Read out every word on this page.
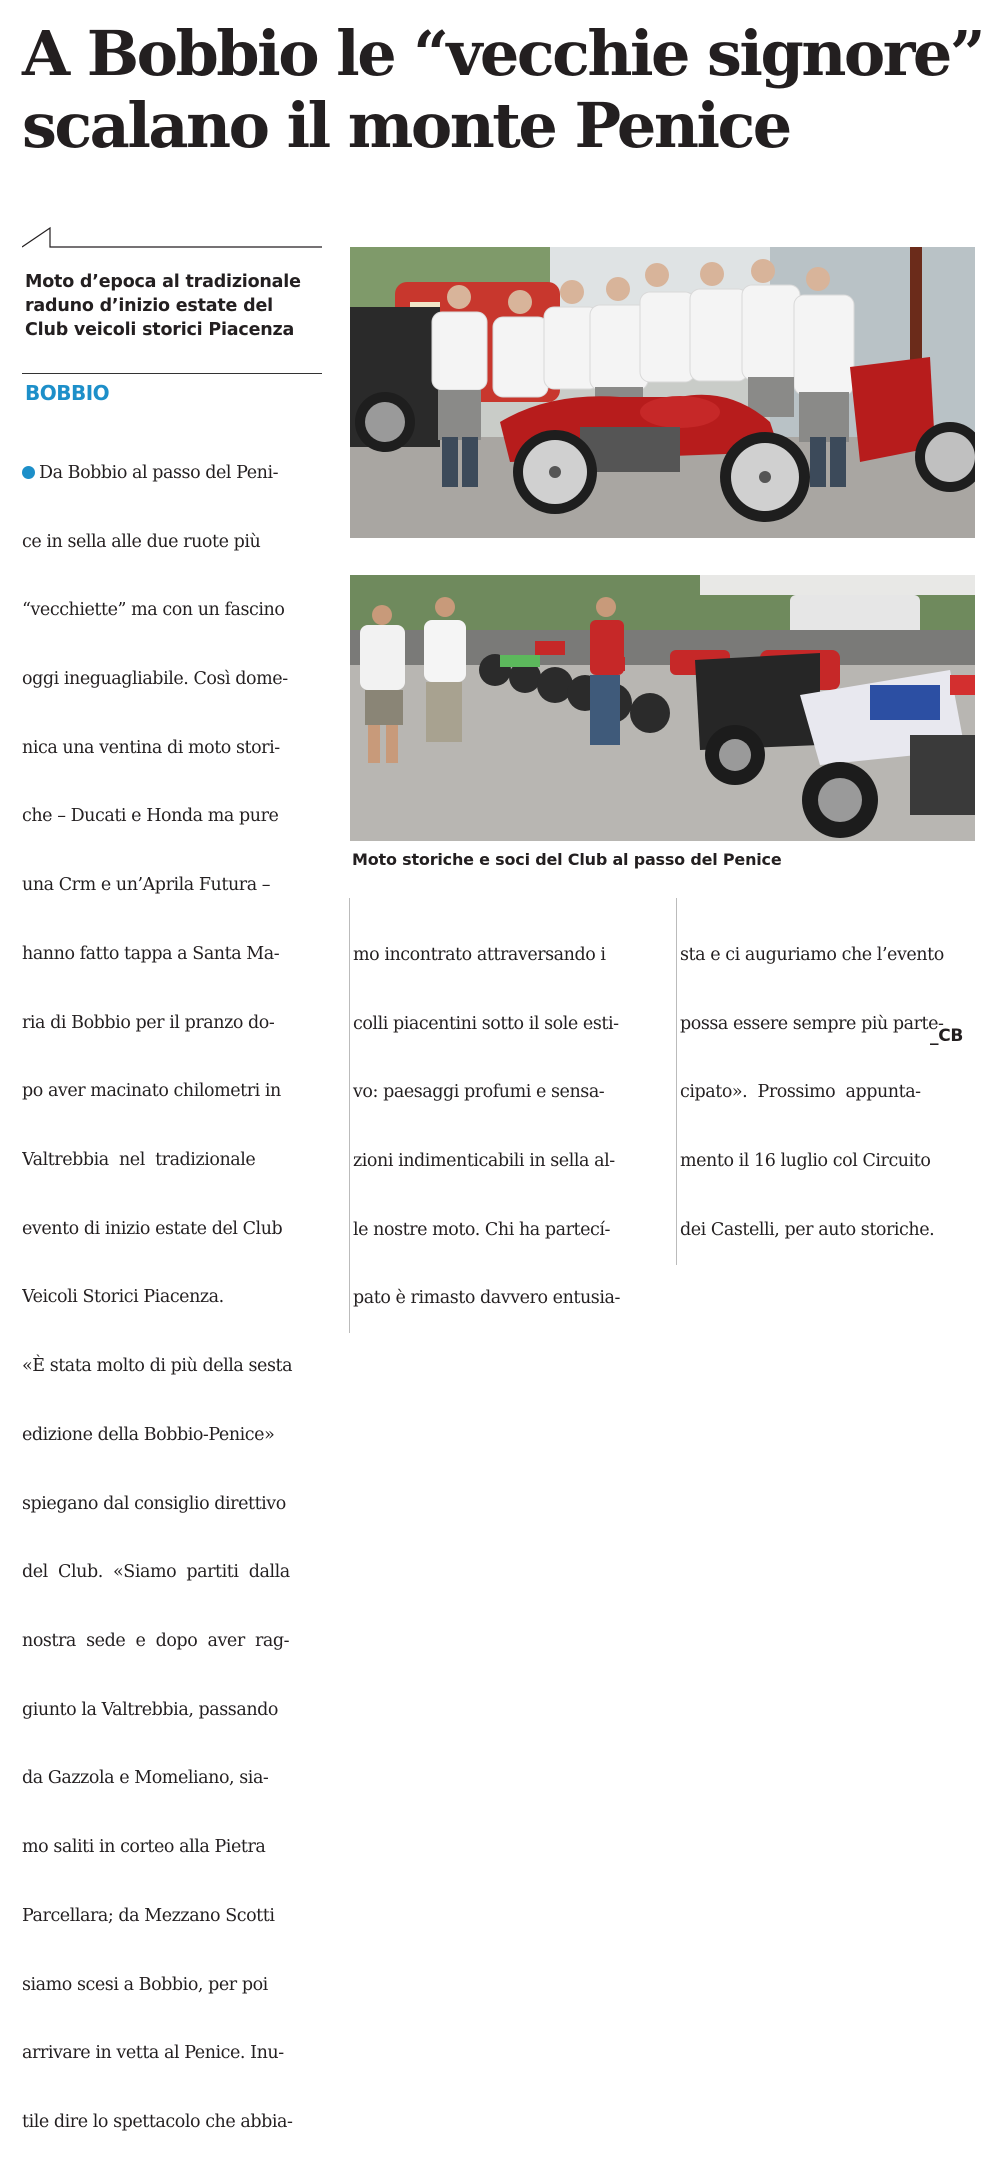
A Bobbio le “vecchie signore”
scalano il monte Penice
Moto d’epoca al tradizionale
raduno d’inizio estate del
Club veicoli storici Piacenza
BOBBIO

Da Bobbio al passo del Peni-

ce in sella alle due ruote più

“vecchiette” ma con un fascino

oggi ineguagliabile. Così dome-

nica una ventina di moto stori-

che – Ducati e Honda ma pure

una Crm e un’Aprila Futura –

hanno fatto tappa a Santa Ma-

ria di Bobbio per il pranzo do-

po aver macinato chilometri in

Valtrebbia  nel  tradizionale

evento di inizio estate del Club

Veicoli Storici Piacenza.

«È stata molto di più della sesta

edizione della Bobbio-Penice»

spiegano dal consiglio direttivo

del  Club.  «Siamo  partiti  dalla

nostra  sede  e  dopo  aver  rag-

giunto la Valtrebbia, passando

da Gazzola e Momeliano, sia-

mo saliti in corteo alla Pietra

Parcellara; da Mezzano Scotti

siamo scesi a Bobbio, per poi

arrivare in vetta al Penice. Inu-

tile dire lo spettacolo che abbia-

Moto storiche e soci del Club al passo del Penice

mo incontrato attraversando i

colli piacentini sotto il sole esti-

vo: paesaggi profumi e sensa-

zioni indimenticabili in sella al-

le nostre moto. Chi ha partecí-

pato è rimasto davvero entusia-

sta e ci auguriamo che l’evento

possa essere sempre più parte-

cipato».  Prossimo  appunta-

mento il 16 luglio col Circuito

dei Castelli, per auto storiche.

_CB
